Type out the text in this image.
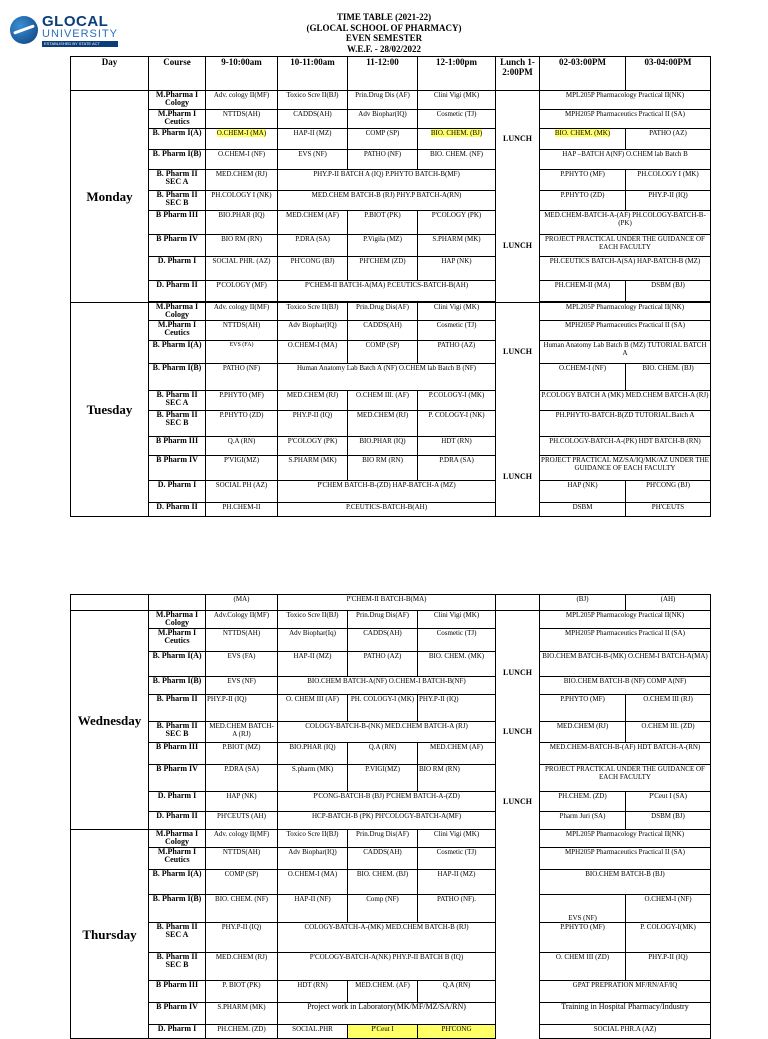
GLOCAL
UNIVERSITY
ESTABLISHED BY STATE ACT
TIME TABLE (2021-22)
(GLOCAL SCHOOL OF PHARMACY)
EVEN SEMESTER
W.E.F. - 28/02/2022
Day	Course	9-10:00am	10-11:00am	11-12:00	12-1:00pm	Lunch 1-2:00PM	02-03:00PM	03-04:00PM
Monday	M.Pharma I Cology	Adv. cology II(MF)	Toxico Scre II(BJ)	Prin.Drug Dis (AF)	Clini Vigi (MK)		MPL205P Pharmacology Practical II(NK)	
	M.Pharm I Ceutics	NTTDS(AH)	CADDS(AH)	Adv Biophar(IQ)	Cosmetic (TJ)		MPH205P Pharmaceutics Practical II (SA)	
	B. Pharm I(A)	O.CHEM-I (MA)	HAP-II (MZ)	COMP (SP)	BIO. CHEM. (BJ)	LUNCH	BIO. CHEM. (MK)	PATHO (AZ)
	B. Pharm I(B)	O.CHEM-I (NF)	EVS (NF)	PATHO (NF)	BIO. CHEM. (NF)		HAP –BATCH A(NF) O.CHEM lab Batch B	
	B. Pharm II SEC A	MED.CHEM (RJ)	PHY.P-II BATCH A (IQ) P.PHYTO BATCH-B(MF)				P.PHYTO (MF)	PH.COLOGY I (MK)
	B. Pharm II SEC B	PH.COLOGY I (NK)	MED.CHEM BATCH-B (RJ) PHY.P BATCH-A(RN)				P.PHYTO (ZD)	PHY.P-II (IQ)
	B Pharm III	BIO.PHAR (IQ)	MED.CHEM (AF)	P.BIOT (PK)	P'COLOGY (PK)		MED.CHEM-BATCH-A-(AF) PH.COLOGY-BATCH-B-(PK)	
	B Pharm IV	BIO RM (RN)	P.DRA (SA)	P.Vigila (MZ)	S.PHARM (MK)	LUNCH	PROJECT PRACTICAL UNDER THE GUIDANCE OF EACH FACULTY	
	D. Pharm I	SOCIAL PHR. (AZ)	PH'CONG (BJ)	PH'CHEM (ZD)	HAP (NK)		PH.CEUTICS BATCH-A(SA) HAP-BATCH-B (MZ)	
	D. Pharm II	P'COLOGY (MF)	P'CHEM-II BATCH-A(MA) P.CEUTICS-BATCH-B(AH)				PH.CHEM-II (MA)	DSBM (BJ)

Tuesday	M.Pharma I Cology	Adv. cology II(MF)	Toxico Scre II(BJ)	Prin.Drug Dis(AF)	Clini Vigi (MK)		MPL205P Pharmacology Practical II(NK)	
	M.Pharm I Ceutics	NTTDS(AH)	Adv Biophar(IQ)	CADDS(AH)	Cosmetic (TJ)		MPH205P Pharmaceutics Practical II (SA)	
	B. Pharm I(A)	EVS (FA)	O.CHEM-I (MA)	COMP (SP)	PATHO (AZ)	LUNCH	Human Anatomy Lab Batch B (MZ) TUTORIAL BATCH A	
	B. Pharm I(B)	PATHO (NF)	Human Anatomy Lab Batch A (NF) O.CHEM lab Batch B (NF)				O.CHEM-I (NF)	BIO. CHEM. (BJ)
	B. Pharm II SEC A	P.PHYTO (MF)	MED.CHEM (RJ)	O.CHEM III. (AF)	P.COLOGY-I (MK)		P.COLOGY BATCH A (MK) MED.CHEM BATCH-A (RJ)	
	B. Pharm II SEC B	P.PHYTO (ZD)	PHY.P-II (IQ)	MED.CHEM (RJ)	P. COLOGY-I (NK)		PH.PHYTO-BATCH-B(ZD TUTORIAL.Batch A	
	B Pharm III	Q.A (RN)	P'COLOGY (PK)	BIO.PHAR (IQ)	HDT (RN)		PH.COLOGY-BATCH-A-(PK) HDT BATCH-B (RN)	
	B Pharm IV	P'VIGI(MZ)	S.PHARM (MK)	BIO RM (RN)	P.DRA (SA)	LUNCH	PROJECT PRACTICAL MZ/SA/IQ/MK/AZ UNDER THE GUIDANCE OF EACH FACULTY	
	D. Pharm I	SOCIAL PH (AZ)	P'CHEM BATCH-B-(ZD) HAP-BATCH-A (MZ)				HAP (NK)	PH'CONG (BJ)
	D. Pharm II	PH.CHEM-II	P.CEUTICS-BATCH-B(AH)				DSBM	PH'CEUTS
		(MA)	P'CHEM-II BATCH-B(MA)				(BJ)	(AH)
Wednesday	M.Pharma I Cology	Adv.Cology II(MF)	Toxico Scre II(BJ)	Prin.Drug Dis(AF)	Clini Vigi (MK)		MPL205P Pharmacology Practical II(NK)	
	M.Pharm I Ceutics	NTTDS(AH)	Adv Biophar(Iq)	CADDS(AH)	Cosmetic (TJ)		MPH205P Pharmaceutics Practical II (SA)	
	B. Pharm I(A)	EVS (FA)	HAP-II (MZ)	PATHO (AZ)	BIO. CHEM. (MK)	LUNCH	BIO.CHEM BATCH-B-(MK) O.CHEM-I BATCH-A(MA)	
	B. Pharm I(B)	EVS (NF)	BIO.CHEM BATCH-A(NF) O.CHEM-I BATCH-B(NF)				BIO.CHEM BATCH-B (NF) COMP A(NF)	
	B. Pharm II	PHY.P-II (IQ)	O. CHEM III (AF)	PH. COLOGY-I (MK)	PHY.P-II (IQ)		P.PHYTO (MF)	O.CHEM III (RJ)
	B. Pharm II SEC B	MED.CHEM BATCH-A (RJ)	COLOGY-BATCH-B-(NK) MED.CHEM BATCH-A (RJ)			LUNCH	MED.CHEM (RJ)	O.CHEM III. (ZD)
	B Pharm III	P.BIOT (MZ)	BIO.PHAR (IQ)	Q.A (RN)	MED.CHEM (AF)		MED.CHEM-BATCH-B-(AF) HDT BATCH-A-(RN)	
	B Pharm IV	P.DRA (SA)	S.pharm (MK)	P.VIGI(MZ)	BIO RM (RN)		PROJECT PRACTICAL UNDER THE GUIDANCE OF EACH FACULTY	
	D. Pharm I	HAP (NK)	P'CONG-BATCH-B (BJ) P'CHEM BATCH-A-(ZD)			LUNCH	PH.CHEM. (ZD)	P'Ceut I (SA)
	D. Pharm II	PH'CEUTS (AH)	HCP-BATCH-B (PK) PH'COLOGY-BATCH-A(MF)				Pharm Juri (SA)	DSBM (BJ)
Thursday	M.Pharma I Cology	Adv. cology II(MF)	Toxico Scre II(BJ)	Prin.Drug Dis(AF)	Clini Vigi (MK)		MPL205P Pharmacology Practical II(NK)	
	M.Pharm I Ceutics	NTTDS(AH)	Adv Biophar(IQ)	CADDS(AH)	Cosmetic (TJ)		MPH205P Pharmaceutics Practical II (SA)	
	B. Pharm I(A)	COMP (SP)	O.CHEM-I (MA)	BIO. CHEM. (BJ)	HAP-II (MZ)		BIO.CHEM BATCH-B (BJ)	
	B. Pharm I(B)	BIO. CHEM. (NF)	HAP-II (NF)	Comp (NF)	PATHO (NF).		EVS (NF)	O.CHEM-I (NF)
	B. Pharm II SEC A	PHY.P-II (IQ)	COLOGY-BATCH-A-(MK) MED.CHEM BATCH-B (RJ)				P.PHYTO (MF)	P. COLOGY-I(MK)
	B. Pharm II SEC B	MED.CHEM (RJ)	P'COLOGY-BATCH-A(NK) PHY.P-II BATCH B (IQ)				O. CHEM III (ZD)	PHY.P-II (IQ)
	B Pharm III	P. BIOT (PK)	HDT (RN)	MED.CHEM. (AF)	Q.A (RN)		GPAT PREPRATION MF/RN/AF/IQ	
	B Pharm IV	S.PHARM (MK)	Project work in Laboratory(MK/MF/MZ/SA/RN)				Training in Hospital Pharmacy/Industry	
	D. Pharm I	PH.CHEM. (ZD)	SOCIAL.PHR	P'Ceut I	PH'CONG		SOCIAL PHR.A (AZ)	
